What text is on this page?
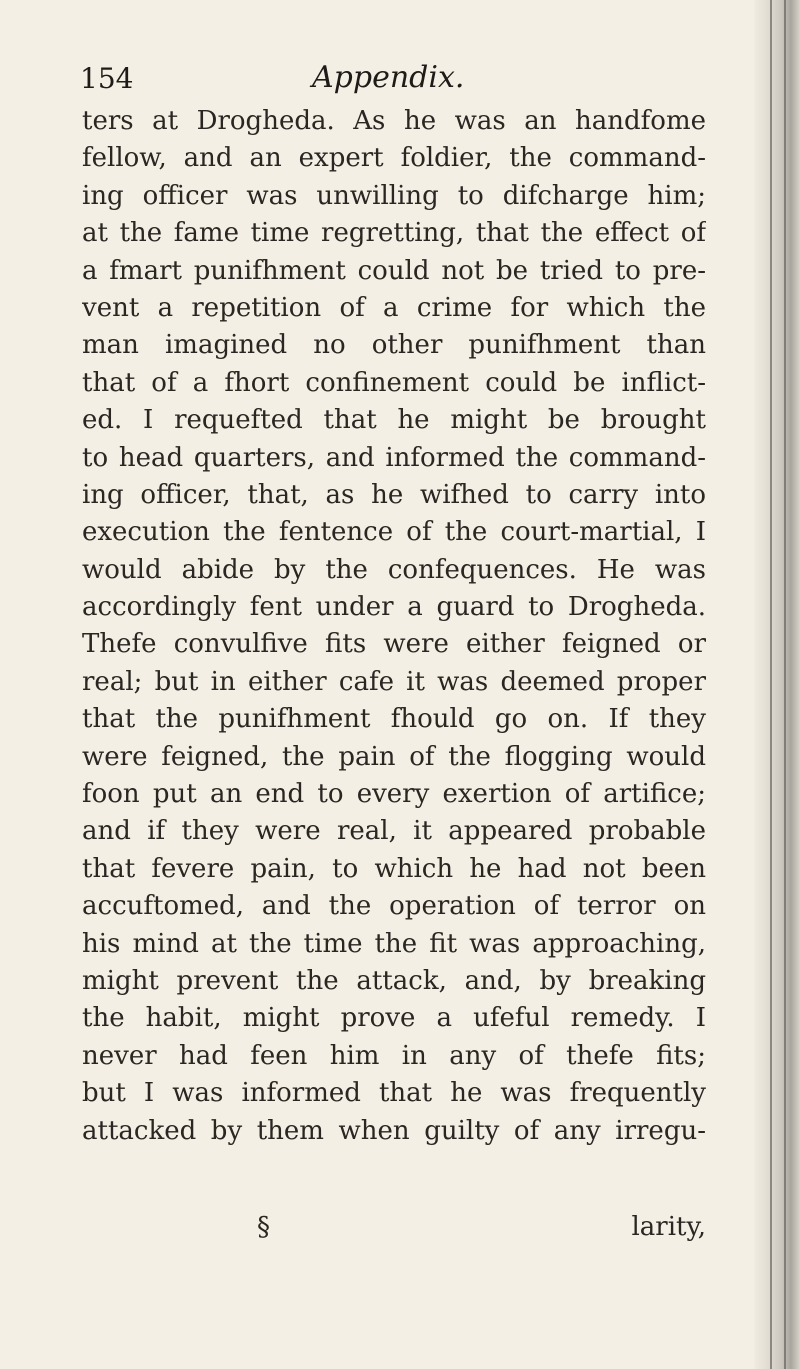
154	Appendix.
ters at Drogheda. As he was an handfome
fellow, and an expert foldier, the command-
ing officer was unwilling to difcharge him;
at the fame time regretting, that the effect of
a fmart punifhment could not be tried to pre-
vent a repetition of a crime for which the
man imagined no other punifhment than
that of a fhort confinement could be inflict-
ed. I requefted that he might be brought
to head quarters, and informed the command-
ing officer, that, as he wifhed to carry into
execution the fentence of the court-martial, I
would abide by the confequences. He was
accordingly fent under a guard to Drogheda.
Thefe convulfive fits were either feigned or
real; but in either cafe it was deemed proper
that the punifhment fhould go on. If they
were feigned, the pain of the flogging would
foon put an end to every exertion of artifice;
and if they were real, it appeared probable
that fevere pain, to which he had not been
accuftomed, and the operation of terror on
his mind at the time the fit was approaching,
might prevent the attack, and, by breaking
the habit, might prove a ufeful remedy. I
never had feen him in any of thefe fits;
but I was informed that he was frequently
attacked by them when guilty of any irregu-
§	larity,
